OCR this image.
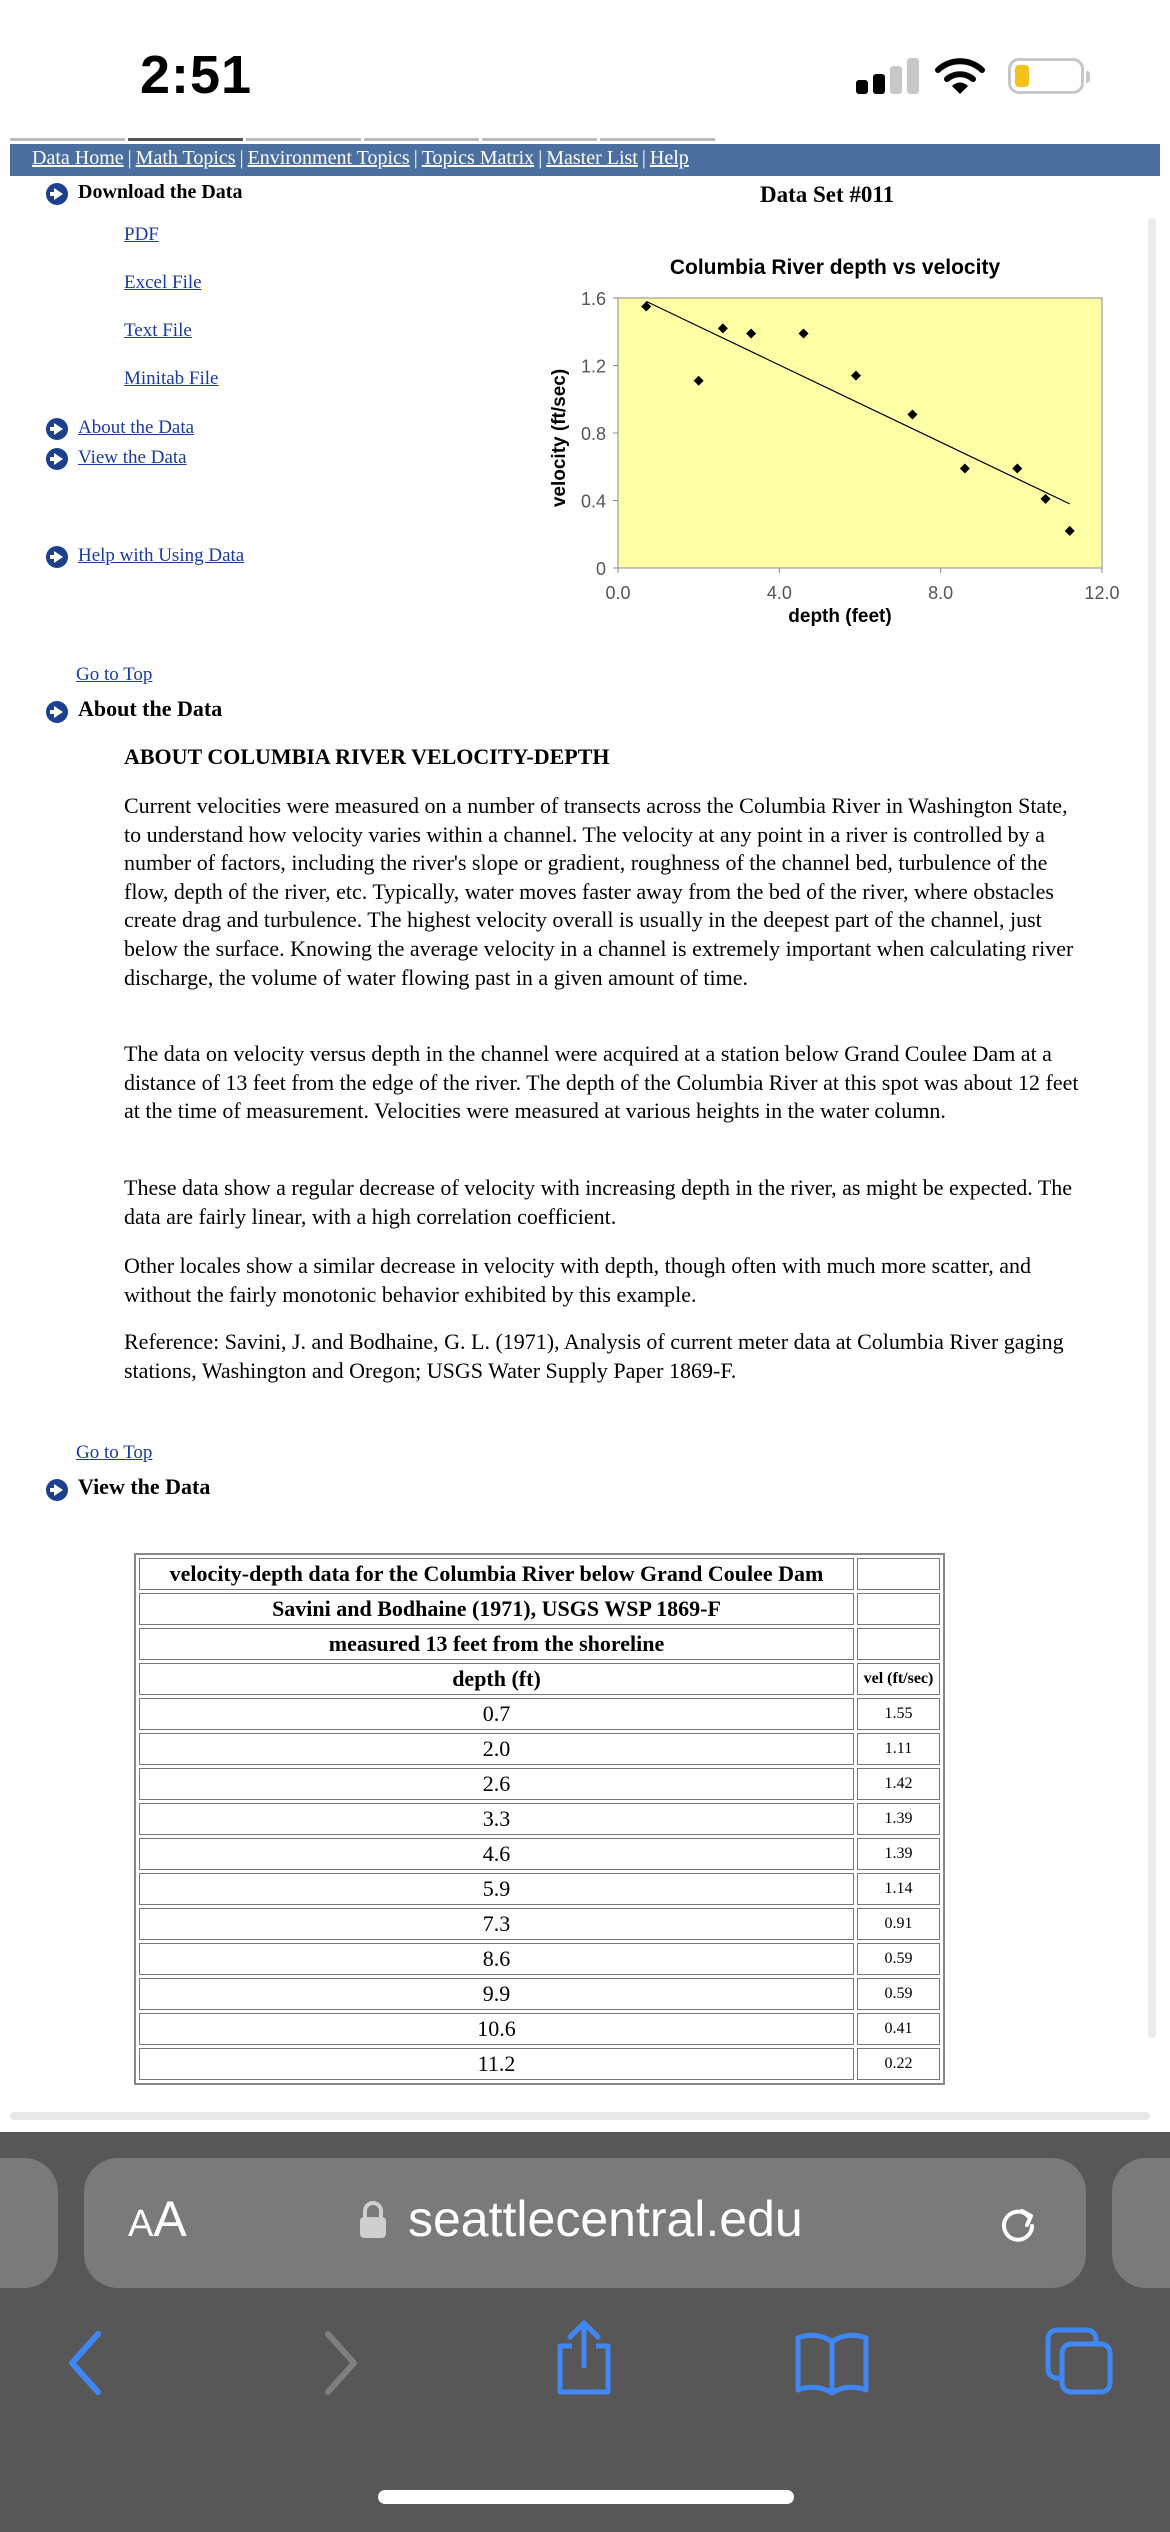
2:51
Data Home | Math Topics | Environment Topics | Topics Matrix | Master List | Help
Download the Data
PDF
Excel File
Text File
Minitab File
About the Data
View the Data
Help with Using Data
Data Set #011
Columbia River depth vs velocity
1.6
1.2
0.8
0.4
0
0.0	4.0	8.0	12.0
depth (feet)
velocity (ft/sec)
Go to Top
About the Data
ABOUT COLUMBIA RIVER VELOCITY-DEPTH
Current velocities were measured on a number of transects across the Columbia River in Washington State, to understand how velocity varies within a channel. The velocity at any point in a river is controlled by a number of factors, including the river's slope or gradient, roughness of the channel bed, turbulence of the flow, depth of the river, etc. Typically, water moves faster away from the bed of the river, where obstacles create drag and turbulence. The highest velocity overall is usually in the deepest part of the channel, just below the surface. Knowing the average velocity in a channel is extremely important when calculating river discharge, the volume of water flowing past in a given amount of time.
The data on velocity versus depth in the channel were acquired at a station below Grand Coulee Dam at a distance of 13 feet from the edge of the river. The depth of the Columbia River at this spot was about 12 feet at the time of measurement. Velocities were measured at various heights in the water column.
These data show a regular decrease of velocity with increasing depth in the river, as might be expected. The data are fairly linear, with a high correlation coefficient.
Other locales show a similar decrease in velocity with depth, though often with much more scatter, and without the fairly monotonic behavior exhibited by this example.
Reference: Savini, J. and Bodhaine, G. L. (1971), Analysis of current meter data at Columbia River gaging stations, Washington and Oregon; USGS Water Supply Paper 1869-F.
Go to Top
View the Data
velocity-depth data for the Columbia River below Grand Coulee Dam	
Savini and Bodhaine (1971), USGS WSP 1869-F	
measured 13 feet from the shoreline	
depth (ft)	vel (ft/sec)
0.7	1.55
2.0	1.11
2.6	1.42
3.3	1.39
4.6	1.39
5.9	1.14
7.3	0.91
8.6	0.59
9.9	0.59
10.6	0.41
11.2	0.22
AA	seattlecentral.edu
